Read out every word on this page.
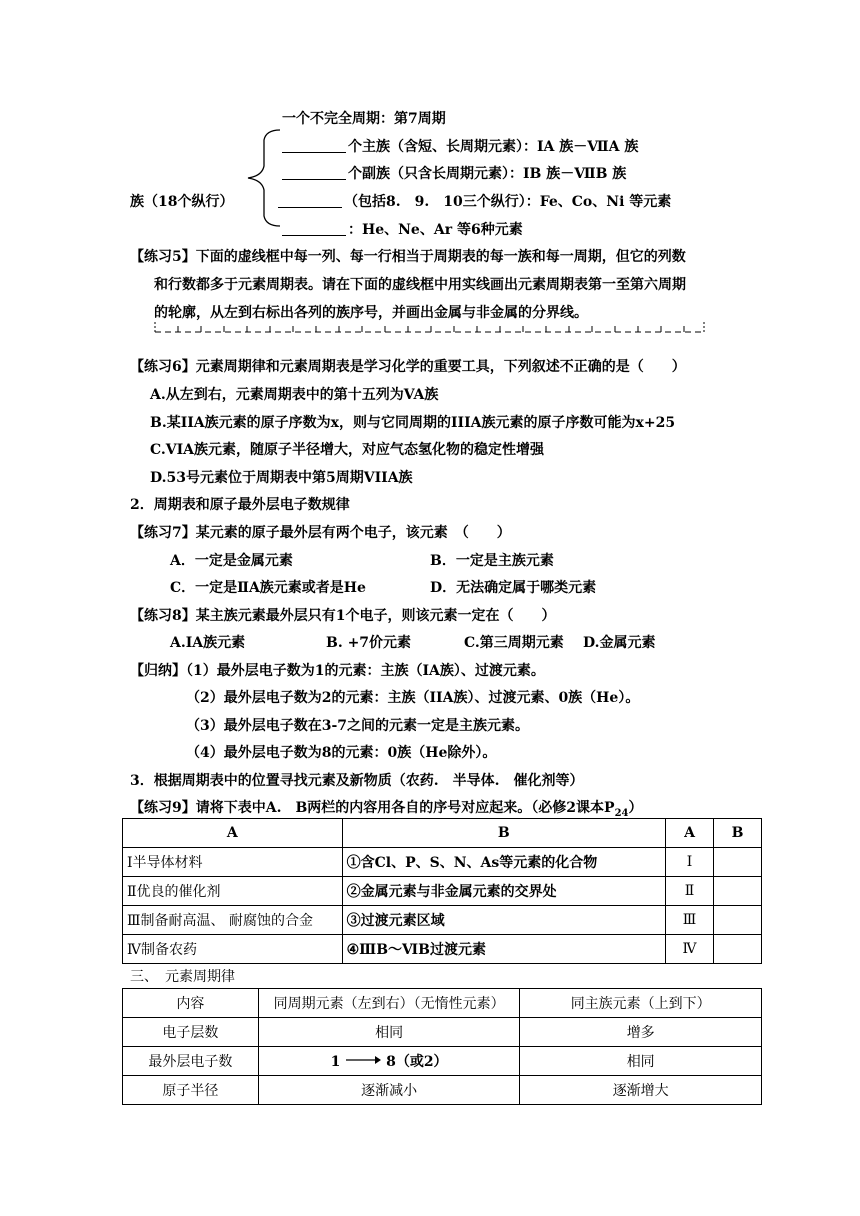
一个不完全周期：第7周期
个主族（含短、长周期元素）：ⅠA 族－ⅦA 族
个副族（只含长周期元素）：ⅠB 族－ⅦB 族
族（18个纵行）	（包括8.　9.　10三个纵行）：Fe、Co、Ni 等元素
：He、Ne、Ar 等6种元素
【练习5】下面的虚线框中每一列、每一行相当于周期表的每一族和每一周期，但它的列数
和行数都多于元素周期表。请在下面的虚线框中用实线画出元素周期表第一至第六周期
的轮廓，从左到右标出各列的族序号，并画出金属与非金属的分界线。
【练习6】元素周期律和元素周期表是学习化学的重要工具，下列叙述不正确的是（　　）
A.从左到右，元素周期表中的第十五列为VA族
B.某IIA族元素的原子序数为x，则与它同周期的IIIA族元素的原子序数可能为x+25
C.VIA族元素，随原子半径增大，对应气态氢化物的稳定性增强
D.53号元素位于周期表中第5周期VIIA族
2．周期表和原子最外层电子数规律
【练习7】某元素的原子最外层有两个电子，该元素　（　　）
A．一定是金属元素	B．一定是主族元素
C．一定是ⅡA族元素或者是He	D．无法确定属于哪类元素
【练习8】某主族元素最外层只有1个电子，则该元素一定在（　　）
A.ⅠA族元素	B. +7价元素	C.第三周期元素 D.金属元素
【归纳】（1）最外层电子数为1的元素：主族（IA族）、过渡元素。
（2）最外层电子数为2的元素：主族（IIA族）、过渡元素、0族（He）。
（3）最外层电子数在3-7之间的元素一定是主族元素。
（4）最外层电子数为8的元素：0族（He除外）。
3．根据周期表中的位置寻找元素及新物质（农药.　半导体.　催化剂等）
【练习9】请将下表中A.　B两栏的内容用各自的序号对应起来。（必修2课本$P_{24}$）
A	B	A	B
Ⅰ半导体材料	①含Cl、P、S、N、As等元素的化合物	Ⅰ	
Ⅱ优良的催化剂	②金属元素与非金属元素的交界处	Ⅱ	
Ⅲ制备耐高温、 耐腐蚀的合金	③过渡元素区域	Ⅲ	
Ⅳ制备农药	④ⅢB～ⅥB过渡元素	Ⅳ	
三、　元素周期律
内容	同周期元素（左到右）（无惰性元素）	同主族元素（上到下）
电子层数	相同	增多
最外层电子数	1 8（或2）	相同
原子半径	逐渐减小	逐渐增大
